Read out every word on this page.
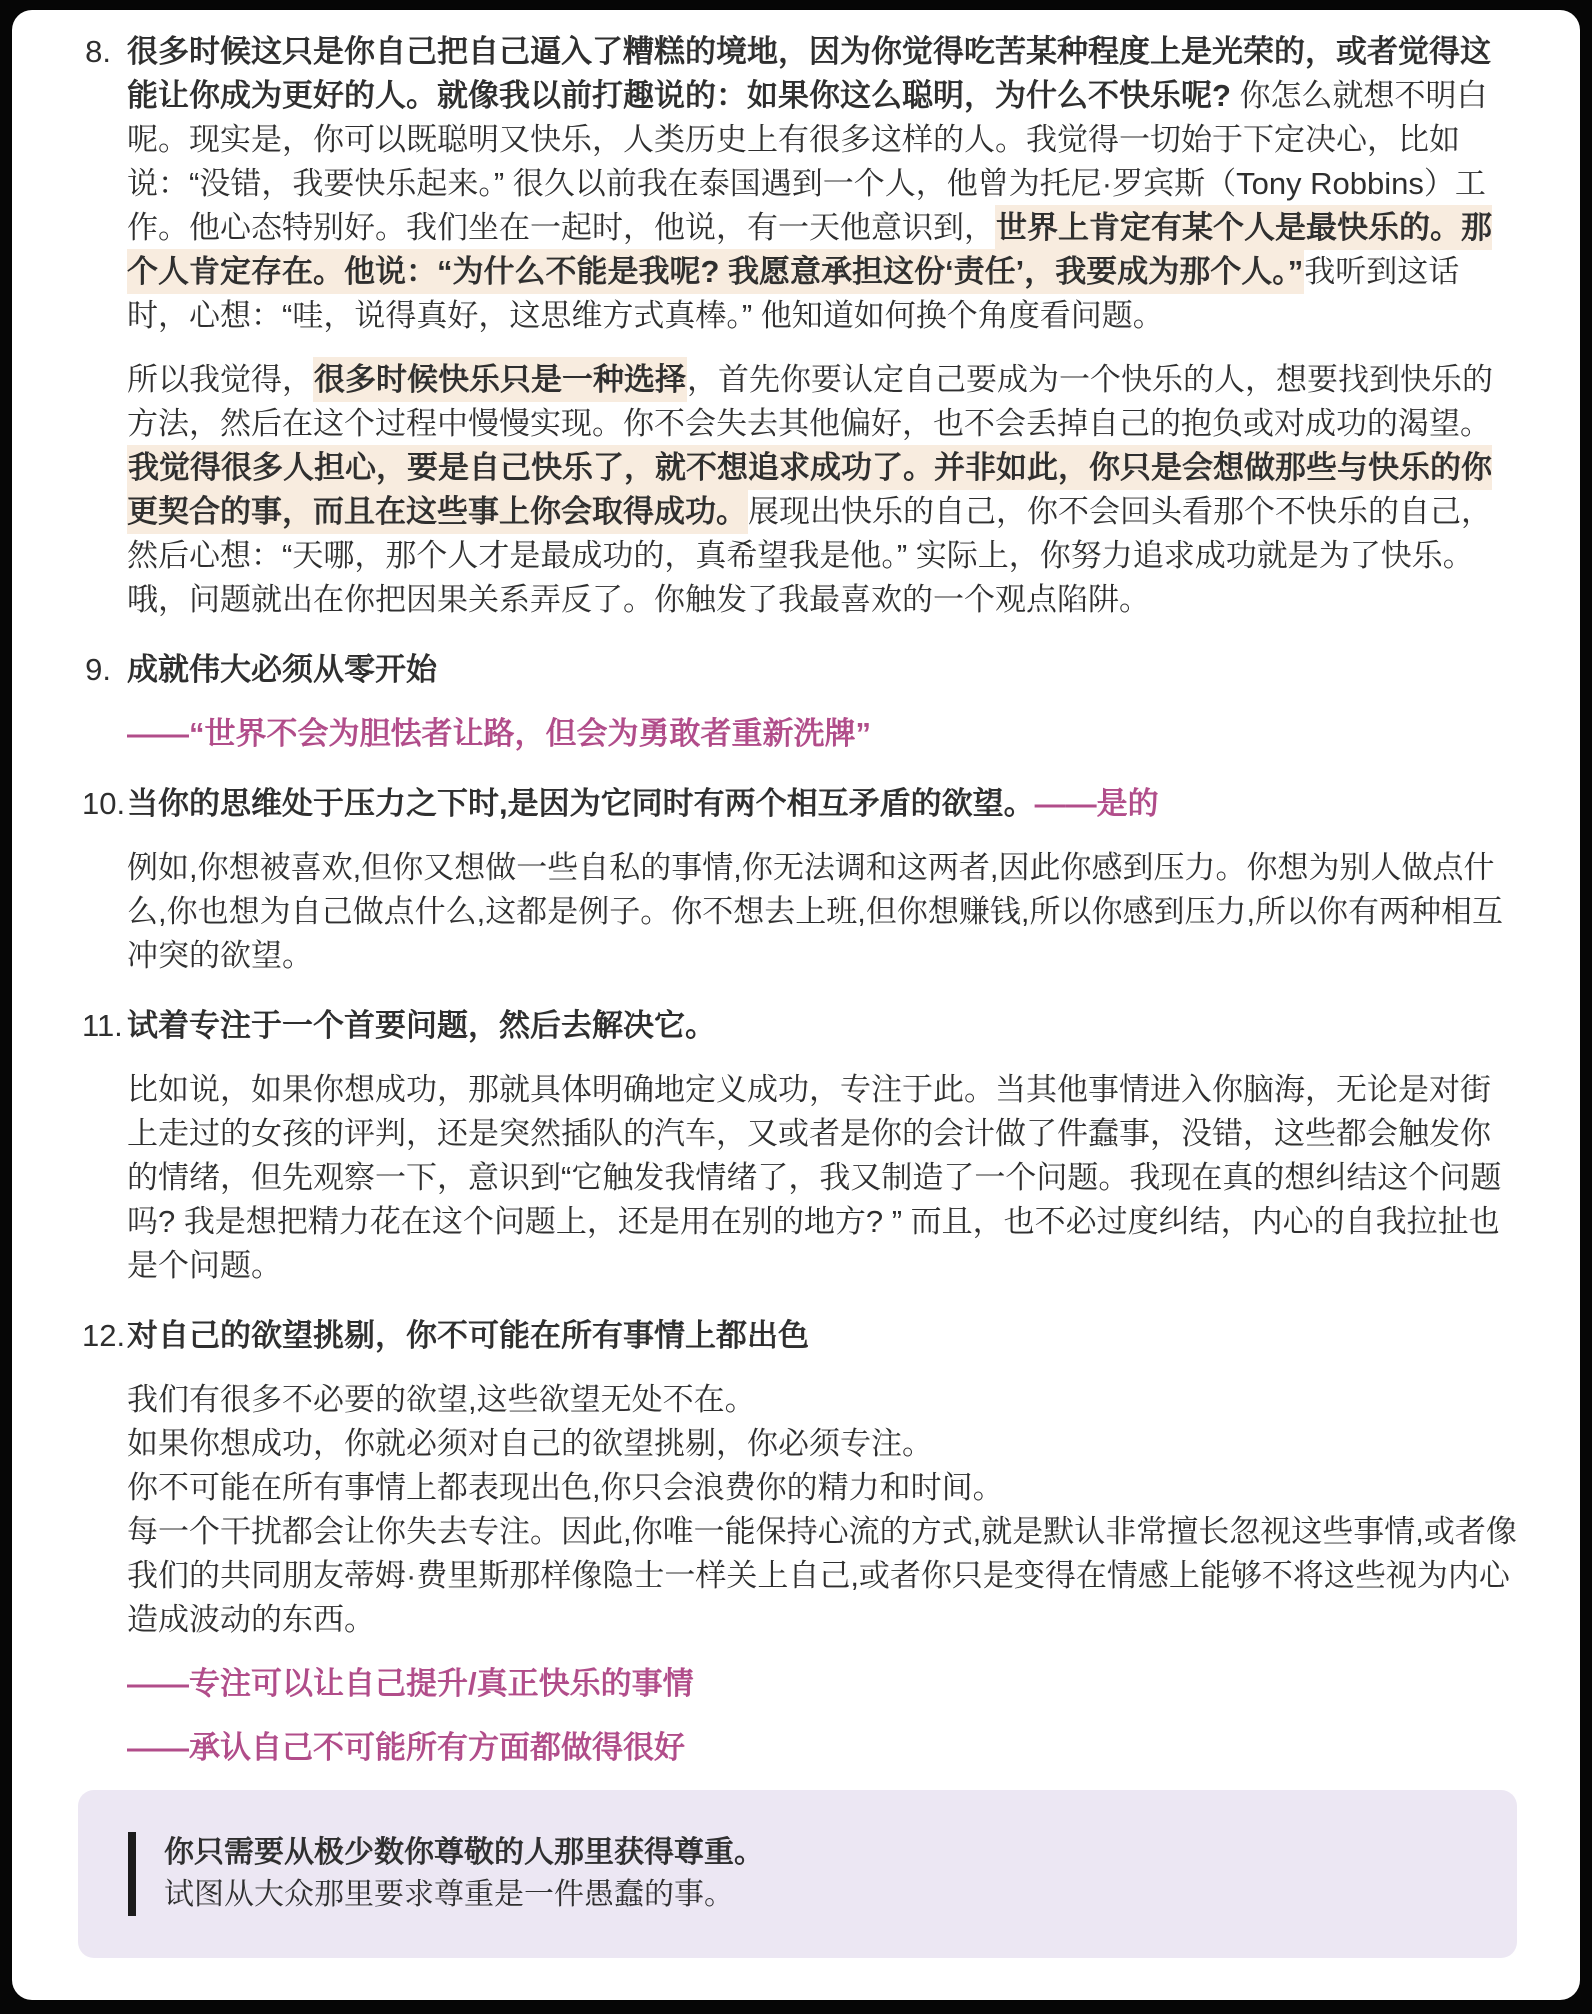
8. 很多时候这只是你自己把自己逼入了糟糕的境地，因为你觉得吃苦某种程度上是光荣的，或者觉得这能让你成为更好的人。就像我以前打趣说的：如果你这么聪明，为什么不快乐呢? 你怎么就想不明白呢。现实是，你可以既聪明又快乐，人类历史上有很多这样的人。我觉得一切始于下定决心，比如说：“没错，我要快乐起来。” 很久以前我在泰国遇到一个人，他曾为托尼·罗宾斯（Tony Robbins）工作。他心态特别好。我们坐在一起时，他说，有一天他意识到，世界上肯定有某个人是最快乐的。那个人肯定存在。他说：“为什么不能是我呢? 我愿意承担这份‘责任’，我要成为那个人。”我听到这话时，心想：“哇，说得真好，这思维方式真棒。” 他知道如何换个角度看问题。

所以我觉得，很多时候快乐只是一种选择，首先你要认定自己要成为一个快乐的人，想要找到快乐的方法，然后在这个过程中慢慢实现。你不会失去其他偏好，也不会丢掉自己的抱负或对成功的渴望。我觉得很多人担心，要是自己快乐了，就不想追求成功了。并非如此，你只是会想做那些与快乐的你更契合的事，而且在这些事上你会取得成功。展现出快乐的自己，你不会回头看那个不快乐的自己，然后心想：“天哪，那个人才是最成功的，真希望我是他。” 实际上，你努力追求成功就是为了快乐。哦，问题就出在你把因果关系弄反了。你触发了我最喜欢的一个观点陷阱。

9. 成就伟大必须从零开始

——“世界不会为胆怯者让路，但会为勇敢者重新洗牌”

10. 当你的思维处于压力之下时,是因为它同时有两个相互矛盾的欲望。——是的

例如,你想被喜欢,但你又想做一些自私的事情,你无法调和这两者,因此你感到压力。你想为别人做点什么,你也想为自己做点什么,这都是例子。你不想去上班,但你想赚钱,所以你感到压力,所以你有两种相互冲突的欲望。

11. 试着专注于一个首要问题，然后去解决它。

比如说，如果你想成功，那就具体明确地定义成功，专注于此。当其他事情进入你脑海，无论是对街上走过的女孩的评判，还是突然插队的汽车，又或者是你的会计做了件蠢事，没错，这些都会触发你的情绪，但先观察一下，意识到“它触发我情绪了，我又制造了一个问题。我现在真的想纠结这个问题吗? 我是想把精力花在这个问题上，还是用在别的地方? ” 而且，也不必过度纠结，内心的自我拉扯也是个问题。

12. 对自己的欲望挑剔，你不可能在所有事情上都出色

我们有很多不必要的欲望,这些欲望无处不在。
如果你想成功，你就必须对自己的欲望挑剔，你必须专注。
你不可能在所有事情上都表现出色,你只会浪费你的精力和时间。
每一个干扰都会让你失去专注。因此,你唯一能保持心流的方式,就是默认非常擅长忽视这些事情,或者像我们的共同朋友蒂姆·费里斯那样像隐士一样关上自己,或者你只是变得在情感上能够不将这些视为内心造成波动的东西。

——专注可以让自己提升/真正快乐的事情

——承认自己不可能所有方面都做得很好

你只需要从极少数你尊敬的人那里获得尊重。
试图从大众那里要求尊重是一件愚蠢的事。
